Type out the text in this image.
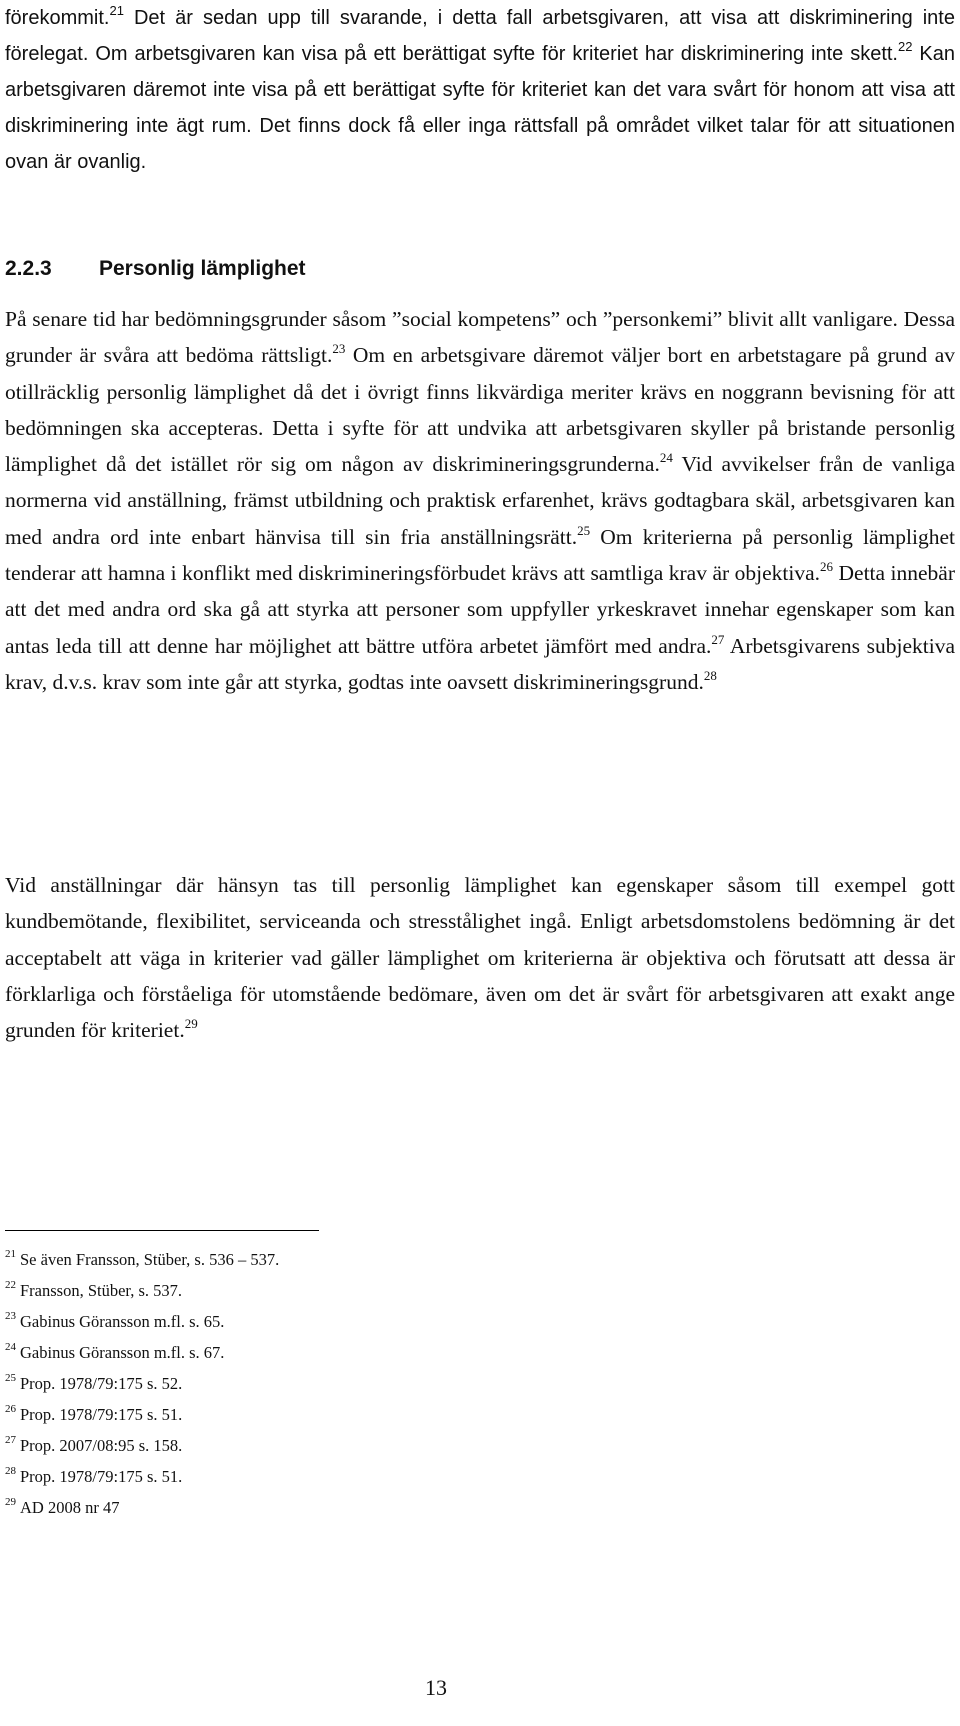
förekommit.$^{21}$ Det är sedan upp till svarande, i detta fall arbetsgivaren, att visa att diskriminering inte förelegat. Om arbetsgivaren kan visa på ett berättigat syfte för kriteriet har diskriminering inte skett.$^{22}$ Kan arbetsgivaren däremot inte visa på ett berättigat syfte för kriteriet kan det vara svårt för honom att visa att diskriminering inte ägt rum. Det finns dock få eller inga rättsfall på området vilket talar för att situationen ovan är ovanlig.

2.2.3 Personlig lämplighet

På senare tid har bedömningsgrunder såsom ”social kompetens” och ”personkemi” blivit allt vanligare. Dessa grunder är svåra att bedöma rättsligt.$^{23}$ Om en arbetsgivare däremot väljer bort en arbetstagare på grund av otillräcklig personlig lämplighet då det i övrigt finns likvärdiga meriter krävs en noggrann bevisning för att bedömningen ska accepteras. Detta i syfte för att undvika att arbetsgivaren skyller på bristande personlig lämplighet då det istället rör sig om någon av diskrimineringsgrunderna.$^{24}$ Vid avvikelser från de vanliga normerna vid anställning, främst utbildning och praktisk erfarenhet, krävs godtagbara skäl, arbetsgivaren kan med andra ord inte enbart hänvisa till sin fria anställningsrätt.$^{25}$ Om kriterierna på personlig lämplighet tenderar att hamna i konflikt med diskrimineringsförbudet krävs att samtliga krav är objektiva.$^{26}$ Detta innebär att det med andra ord ska gå att styrka att personer som uppfyller yrkeskravet innehar egenskaper som kan antas leda till att denne har möjlighet att bättre utföra arbetet jämfört med andra.$^{27}$ Arbetsgivarens subjektiva krav, d.v.s. krav som inte går att styrka, godtas inte oavsett diskrimineringsgrund.$^{28}$

Vid anställningar där hänsyn tas till personlig lämplighet kan egenskaper såsom till exempel gott kundbemötande, flexibilitet, serviceanda och stresstålighet ingå. Enligt arbetsdomstolens bedömning är det acceptabelt att väga in kriterier vad gäller lämplighet om kriterierna är objektiva och förutsatt att dessa är förklarliga och förståeliga för utomstående bedömare, även om det är svårt för arbetsgivaren att exakt ange grunden för kriteriet.$^{29}$

$^{21}$ Se även Fransson, Stüber, s. 536 – 537.
$^{22}$ Fransson, Stüber, s. 537.
$^{23}$ Gabinus Göransson m.fl. s. 65.
$^{24}$ Gabinus Göransson m.fl. s. 67.
$^{25}$ Prop. 1978/79:175 s. 52.
$^{26}$ Prop. 1978/79:175 s. 51.
$^{27}$ Prop. 2007/08:95 s. 158.
$^{28}$ Prop. 1978/79:175 s. 51.
$^{29}$ AD 2008 nr 47
13
